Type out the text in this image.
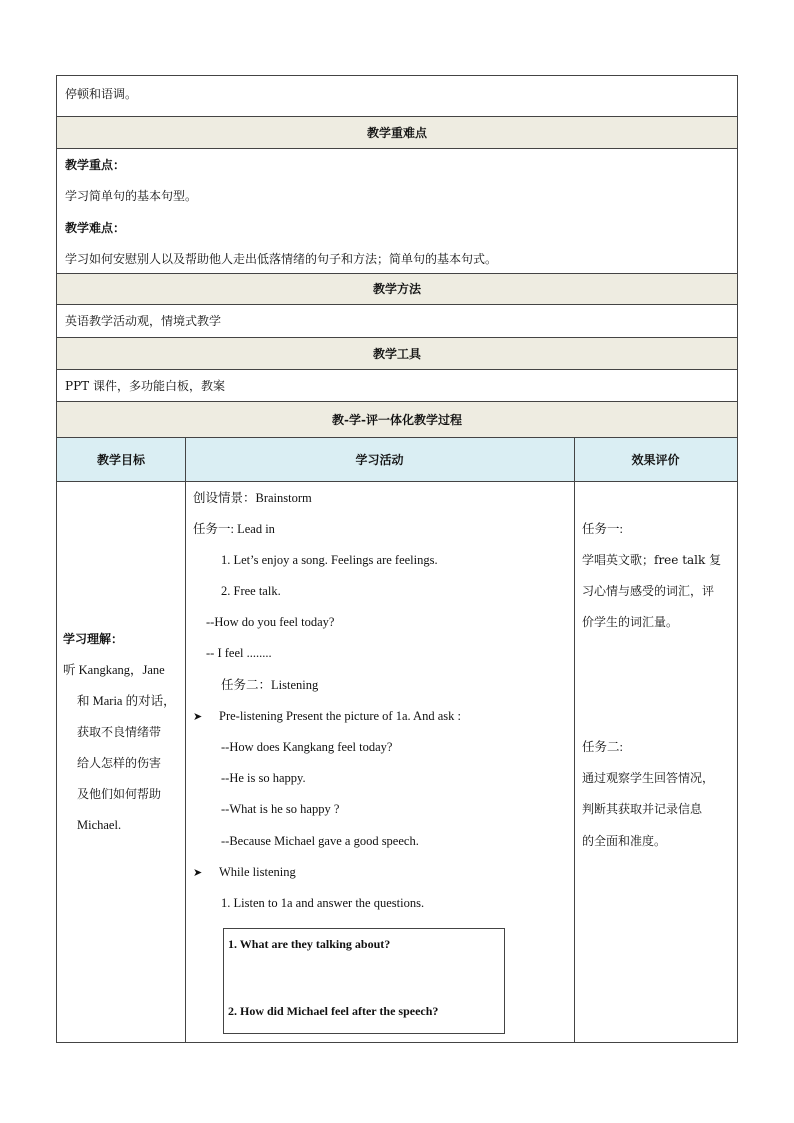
停顿和语调。
教学重难点
教学重点：
学习简单句的基本句型。
教学难点：
学习如何安慰别人以及帮助他人走出低落情绪的句子和方法；简单句的基本句式。
教学方法
英语教学活动观，情境式教学
教学工具
PPT 课件，多功能白板，教案
教-学-评一体化教学过程
教学目标	学习活动	效果评价
学习理解：
听 Kangkang，Jane
和 Maria 的对话，
获取不良情绪带
给人怎样的伤害
及他们如何帮助
Michael.
创设情景：Brainstorm
任务一: Lead in
1. Let’s enjoy a song. Feelings are feelings.
2. Free talk.
--How do you feel today?
-- I feel ........
任务二：Listening
➤ Pre-listening Present the picture of 1a. And ask :
--How does Kangkang feel today?
--He is so happy.
--What is he so happy ?
--Because Michael gave a good speech.
➤ While listening
1. Listen to 1a and answer the questions.
任务一:
学唱英文歌；free talk 复
习心情与感受的词汇，评
价学生的词汇量。
任务二:
通过观察学生回答情况，
判断其获取并记录信息
的全面和准度。
1. What are they talking about?
2. How did Michael feel after the speech?
